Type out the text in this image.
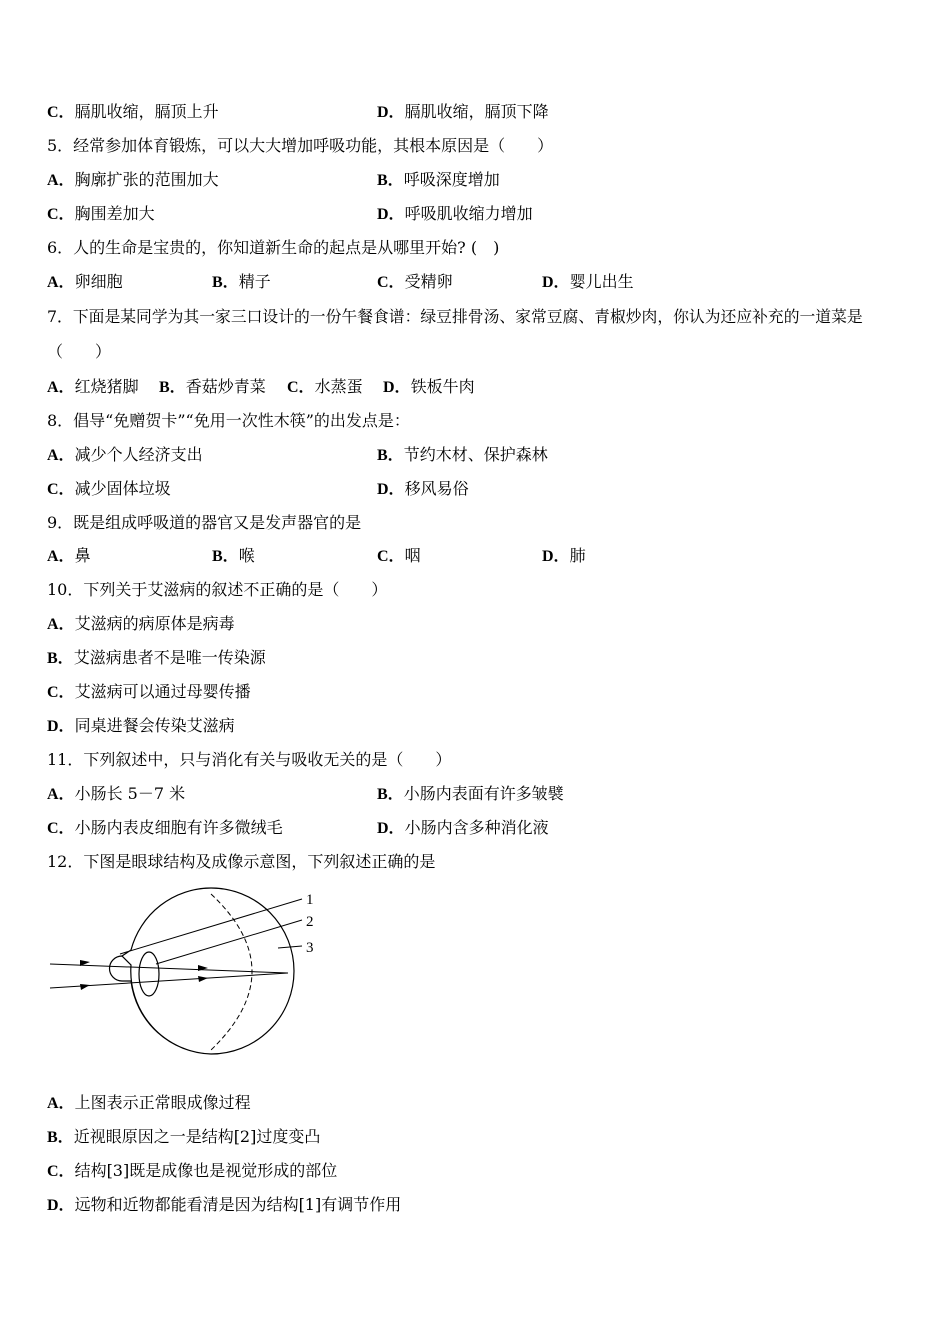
C．膈肌收缩，膈顶上升	D．膈肌收缩，膈顶下降
5．经常参加体育锻炼，可以大大增加呼吸功能，其根本原因是（　　）
A．胸廓扩张的范围加大	B．呼吸深度增加
C．胸围差加大	D．呼吸肌收缩力增加
6．人的生命是宝贵的，你知道新生命的起点是从哪里开始? (　)
A．卵细胞	B．精子	C．受精卵	D．婴儿出生
7．下面是某同学为其一家三口设计的一份午餐食谱：绿豆排骨汤、家常豆腐、青椒炒肉，你认为还应补充的一道菜是
（　　）
A．红烧猪脚 B．香菇炒青菜 C．水蒸蛋 D．铁板牛肉
8．倡导“免赠贺卡”“免用一次性木筷”的出发点是：
A．减少个人经济支出	B．节约木材、保护森林
C．减少固体垃圾	D．移风易俗
9．既是组成呼吸道的器官又是发声器官的是
A．鼻	B．喉	C．咽	D．肺
10．下列关于艾滋病的叙述不正确的是（　　）
A．艾滋病的病原体是病毒
B．艾滋病患者不是唯一传染源
C．艾滋病可以通过母婴传播
D．同桌进餐会传染艾滋病
11．下列叙述中，只与消化有关与吸收无关的是（　　）
A．小肠长 5－7 米	B．小肠内表面有许多皱襞
C．小肠内表皮细胞有许多微绒毛	D．小肠内含多种消化液
12．下图是眼球结构及成像示意图，下列叙述正确的是
1
2
3
A．上图表示正常眼成像过程
B．近视眼原因之一是结构[2]过度变凸
C．结构[3]既是成像也是视觉形成的部位
D．远物和近物都能看清是因为结构[1]有调节作用
